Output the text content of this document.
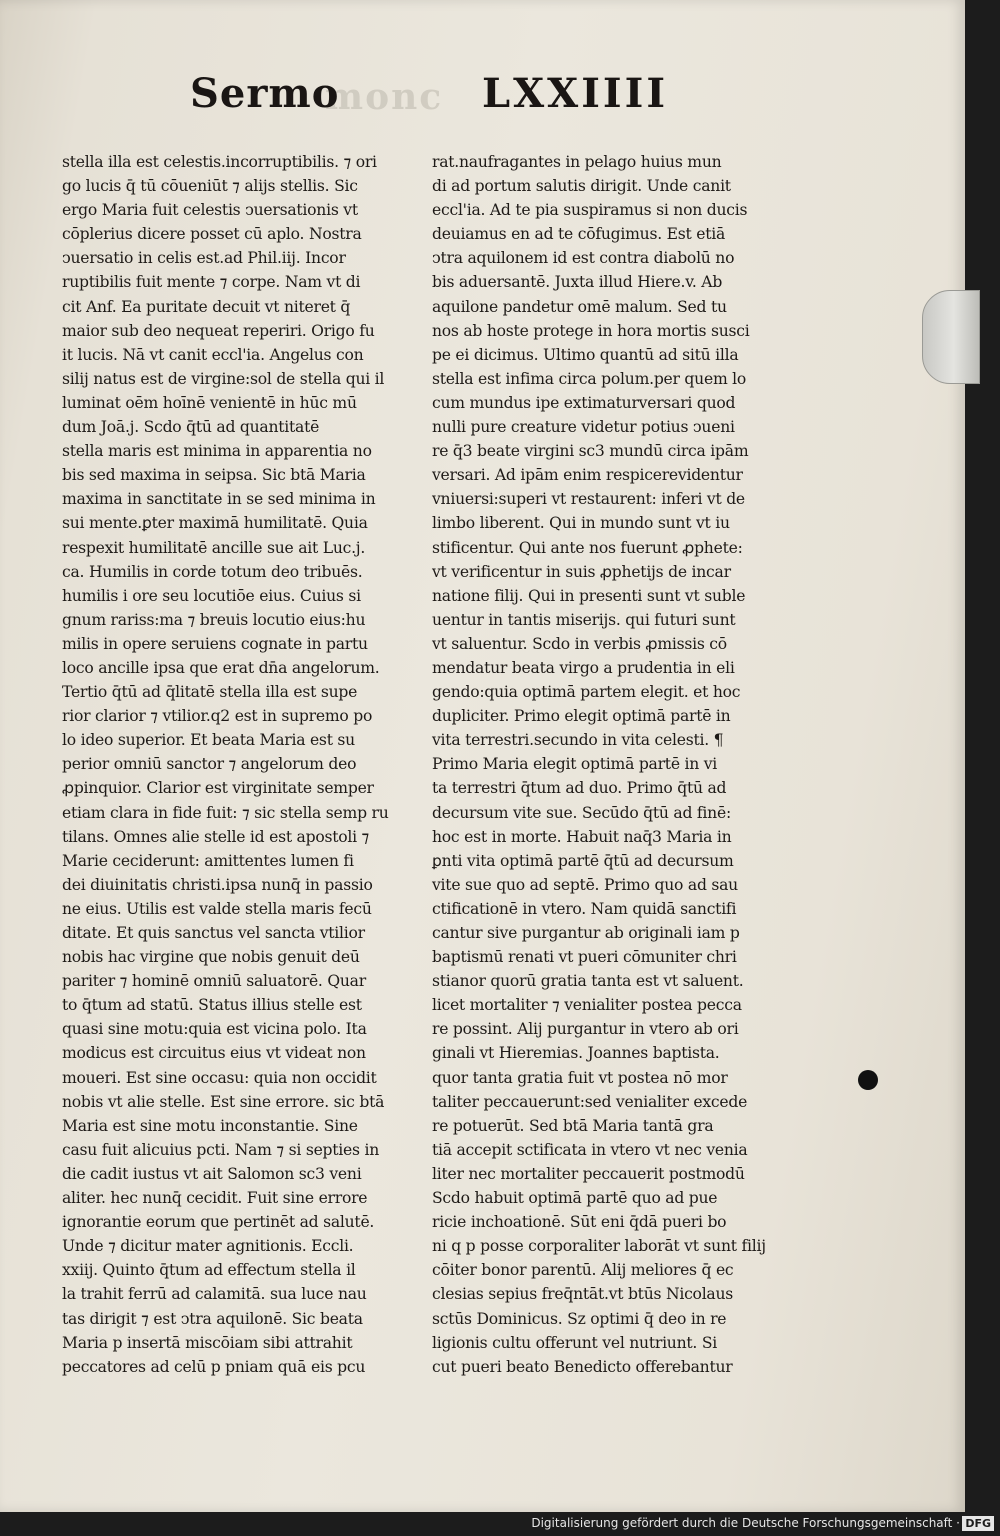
monc
Sermo	LXXIIII
stella illa est celestis.incorruptibilis. ⁊ ori
go lucis q̄ tū cōueniūt ⁊ alijs stellis. Sic
ergo Maria fuit celestis ↄuersationis vt
cōplerius dicere posset cū aplo. Nostra
ↄuersatio in celis est.ad Phil.iij. Incor
ruptibilis fuit mente ⁊ corpe. Nam vt di
cit Anf. Ea puritate decuit vt niteret q̄
maior sub deo nequeat reperiri. Origo fu
it lucis. Nā vt canit eccl'ia. Angelus con
silij natus est de virgine:sol de stella qui il
luminat oēm hoīnē venientē in hūc mū
dum Joā.j. Scdo q̄tū ad quantitatē
stella maris est minima in apparentia no
bis sed maxima in seipsa. Sic btā Maria
maxima in sanctitate in se sed minima in
sui mente.ꝑter maximā humilitatē. Quia
respexit humilitatē ancille sue ait Luc.j.
ca. Humilis in corde totum deo tribuēs.
humilis i ore seu locutiōe eius. Cuius si
gnum rariss:ma ⁊ breuis locutio eius:hu
milis in opere seruiens cognate in partu
loco ancille ipsa que erat dn̄a angelorum.
Tertio q̄tū ad q̄litatē stella illa est supe
rior clarior ⁊ vtilior.q2 est in supremo po
lo ideo superior. Et beata Maria est su
perior omniū sanctor ⁊ angelorum deo
ꝓpinquior. Clarior est virginitate semper
etiam clara in fide fuit: ⁊ sic stella semp ru
tilans. Omnes alie stelle id est apostoli ⁊
Marie ceciderunt: amittentes lumen fi
dei diuinitatis christi.ipsa nunq̄ in passio
ne eius. Utilis est valde stella maris fecū
ditate. Et quis sanctus vel sancta vtilior
nobis hac virgine que nobis genuit deū
pariter ⁊ hominē omniū saluatorē. Quar
to q̄tum ad statū. Status illius stelle est
quasi sine motu:quia est vicina polo. Ita
modicus est circuitus eius vt videat non
moueri. Est sine occasu: quia non occidit
nobis vt alie stelle. Est sine errore. sic btā
Maria est sine motu inconstantie. Sine
casu fuit alicuius pcti. Nam ⁊ si septies in
die cadit iustus vt ait Salomon sc3 veni
aliter. hec nunq̄ cecidit. Fuit sine errore
ignorantie eorum que pertinēt ad salutē.
Unde ⁊ dicitur mater agnitionis. Eccli.
xxiij. Quinto q̄tum ad effectum stella il
la trahit ferrū ad calamitā. sua luce nau
tas dirigit ⁊ est ↄtra aquilonē. Sic beata
Maria p insertā miscōiam sibi attrahit
peccatores ad celū p pniam quā eis pcu
rat.naufragantes in pelago huius mun
di ad portum salutis dirigit. Unde canit
eccl'ia. Ad te pia suspiramus si non ducis
deuiamus en ad te cōfugimus. Est etiā
ↄtra aquilonem id est contra diabolū no
bis aduersantē. Juxta illud Hiere.v. Ab
aquilone pandetur omē malum. Sed tu
nos ab hoste protege in hora mortis susci
pe ei dicimus. Ultimo quantū ad sitū illa
stella est infima circa polum.per quem lo
cum mundus ipe extimaturversari quod
nulli pure creature videtur potius ↄueni
re q̄3 beate virgini sc3 mundū circa ipām
versari. Ad ipām enim respicerevidentur
vniuersi:superi vt restaurent: inferi vt de
limbo liberent. Qui in mundo sunt vt iu
stificentur. Qui ante nos fuerunt ꝓphete:
vt verificentur in suis ꝓphetijs de incar
natione filij. Qui in presenti sunt vt suble
uentur in tantis miserijs. qui futuri sunt
vt saluentur. Scdo in verbis ꝓmissis cō
mendatur beata virgo a prudentia in eli
gendo:quia optimā partem elegit. et hoc
dupliciter. Primo elegit optimā partē in
vita terrestri.secundo in vita celesti. ¶
Primo Maria elegit optimā partē in vi
ta terrestri q̄tum ad duo. Primo q̄tū ad
decursum vite sue. Secūdo q̄tū ad finē:
hoc est in morte. Habuit naq̄3 Maria in
ꝑnti vita optimā partē q̄tū ad decursum
vite sue quo ad septē. Primo quo ad sau
ctificationē in vtero. Nam quidā sanctifi
cantur sive purgantur ab originali iam p
baptismū renati vt pueri cōmuniter chri
stianor quorū gratia tanta est vt saluent.
licet mortaliter ⁊ venialiter postea pecca
re possint. Alij purgantur in vtero ab ori
ginali vt Hieremias. Joannes baptista.
quor tanta gratia fuit vt postea nō mor
taliter peccauerunt:sed venialiter excede
re potuerūt. Sed btā Maria tantā gra
tiā accepit sctificata in vtero vt nec venia
liter nec mortaliter peccauerit postmodū
Scdo habuit optimā partē quo ad pue
ricie inchoationē. Sūt eni q̄dā pueri bo
ni q p posse corporaliter laborāt vt sunt filij
cōiter bonor parentū. Alij meliores q̄ ec
clesias sepius freq̄ntāt.vt btūs Nicolaus
sctūs Dominicus. Sz optimi q̄ deo in re
ligionis cultu offerunt vel nutriunt. Si
cut pueri beato Benedicto offerebantur
Digitalisierung gefördert durch die Deutsche Forschungsgemeinschaft · DFG
